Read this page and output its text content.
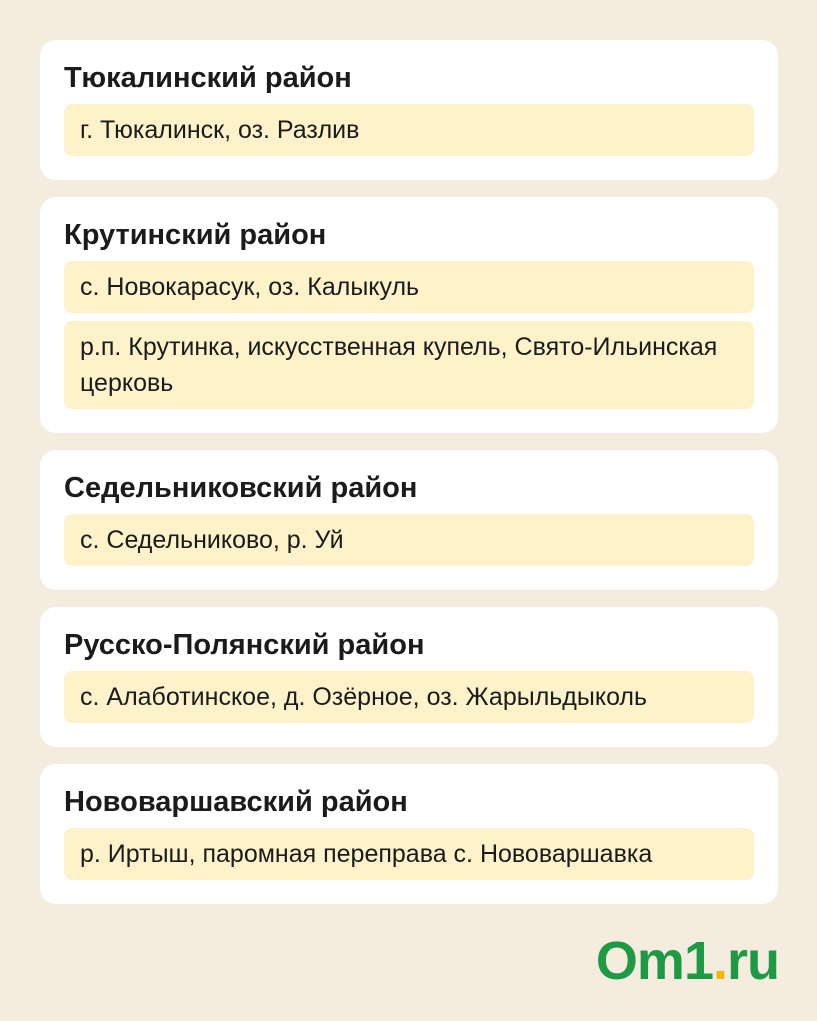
Тюкалинский район
г. Тюкалинск, оз. Разлив
Крутинский район
с. Новокарасук, оз. Калыкуль
р.п. Крутинка, искусственная купель, Свято-Ильинская церковь
Седельниковский район
с. Седельниково, р. Уй
Русско-Полянский район
с. Алаботинское, д. Озёрное, оз. Жарыльдыколь
Нововаршавский район
р. Иртыш, паромная переправа с. Нововаршавка
Om1.ru
